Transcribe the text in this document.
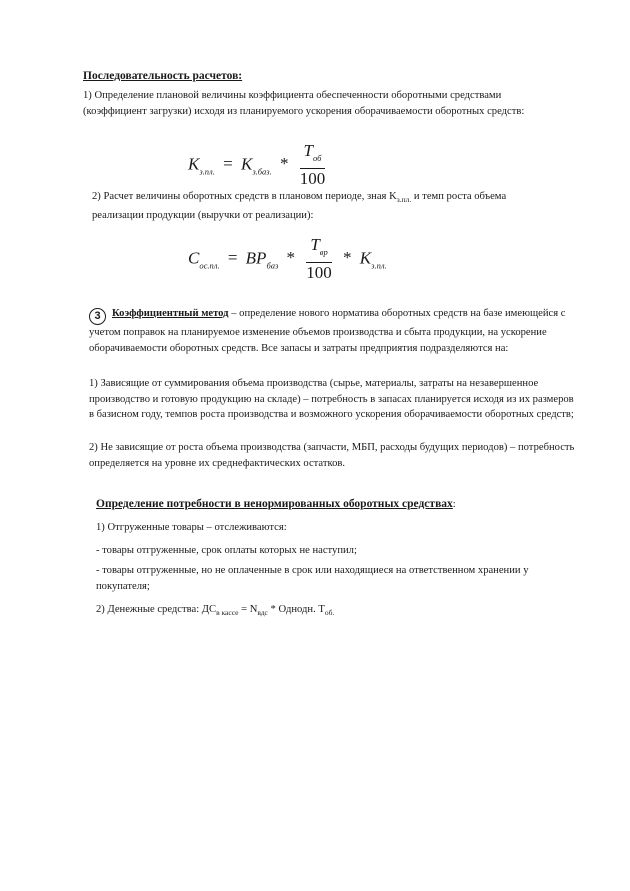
Последовательность расчетов:
1) Определение плановой величины коэффициента обеспеченности оборотными средствами (коэффициент загрузки) исходя из планируемого ускорения оборачиваемости оборотных средств:
$K_{з.пл.} = K_{з.баз.} * \frac{T_{об}}{100}$
2) Расчет величины оборотных средств в плановом периоде, зная $K_{з.пл.}$ и темп роста объема реализации продукции (выручки от реализации):
$C_{ос.пл.} = BP_{баз} * \frac{T_{вр}}{100} * K_{з.пл.}$
3 Коэффициентный метод – определение нового норматива оборотных средств на базе имеющейся с учетом поправок на планируемое изменение объемов производства и сбыта продукции, на ускорение оборачиваемости оборотных средств. Все запасы и затраты предприятия подразделяются на:
1) Зависящие от суммирования объема производства (сырье, материалы, затраты на незавершенное производство и готовую продукцию на складе) – потребность в запасах планируется исходя из их размеров в базисном году, темпов роста производства и возможного ускорения оборачиваемости оборотных средств;
2) Не зависящие от роста объема производства (запчасти, МБП, расходы будущих периодов) – потребность определяется на уровне их среднефактических остатков.
Определение потребности в ненормированных оборотных средствах:
1) Отгруженные товары – отслеживаются:
- товары отгруженные, срок оплаты которых не наступил;
- товары отгруженные, но не оплаченные в срок или находящиеся на ответственном хранении у покупателя;
2) Денежные средства: $ДС_{в кассе} = N_{вдс}$ * Однодн. $Т_{об.}$
